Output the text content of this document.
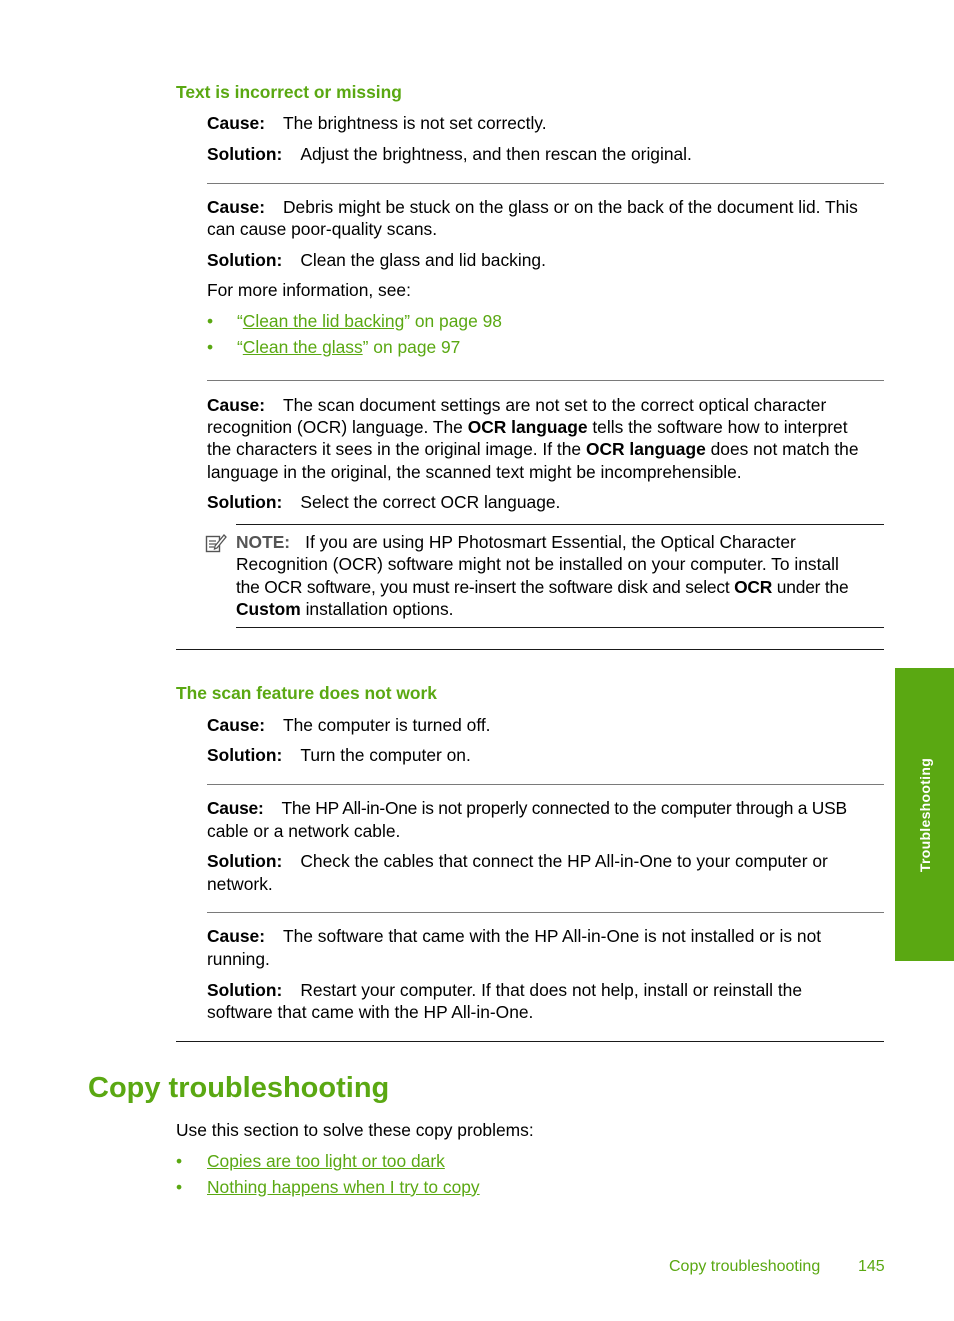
Text is incorrect or missing
Cause: The brightness is not set correctly.
Solution: Adjust the brightness, and then rescan the original.
Cause: Debris might be stuck on the glass or on the back of the document lid. This
can cause poor-quality scans.
Solution: Clean the glass and lid backing.
For more information, see:
• “Clean the lid backing” on page 98
• “Clean the glass” on page 97
Cause: The scan document settings are not set to the correct optical character
recognition (OCR) language. The OCR language tells the software how to interpret
the characters it sees in the original image. If the OCR language does not match the
language in the original, the scanned text might be incomprehensible.
Solution: Select the correct OCR language.
NOTE: If you are using HP Photosmart Essential, the Optical Character
Recognition (OCR) software might not be installed on your computer. To install
the OCR software, you must re-insert the software disk and select OCR under the
Custom installation options.
The scan feature does not work
Cause: The computer is turned off.
Solution: Turn the computer on.
Cause: The HP All-in-One is not properly connected to the computer through a USB
cable or a network cable.
Solution: Check the cables that connect the HP All-in-One to your computer or
network.
Cause: The software that came with the HP All-in-One is not installed or is not
running.
Solution: Restart your computer. If that does not help, install or reinstall the
software that came with the HP All-in-One.
Copy troubleshooting
Use this section to solve these copy problems:
• Copies are too light or too dark
• Nothing happens when I try to copy
Troubleshooting
Copy troubleshooting 145
